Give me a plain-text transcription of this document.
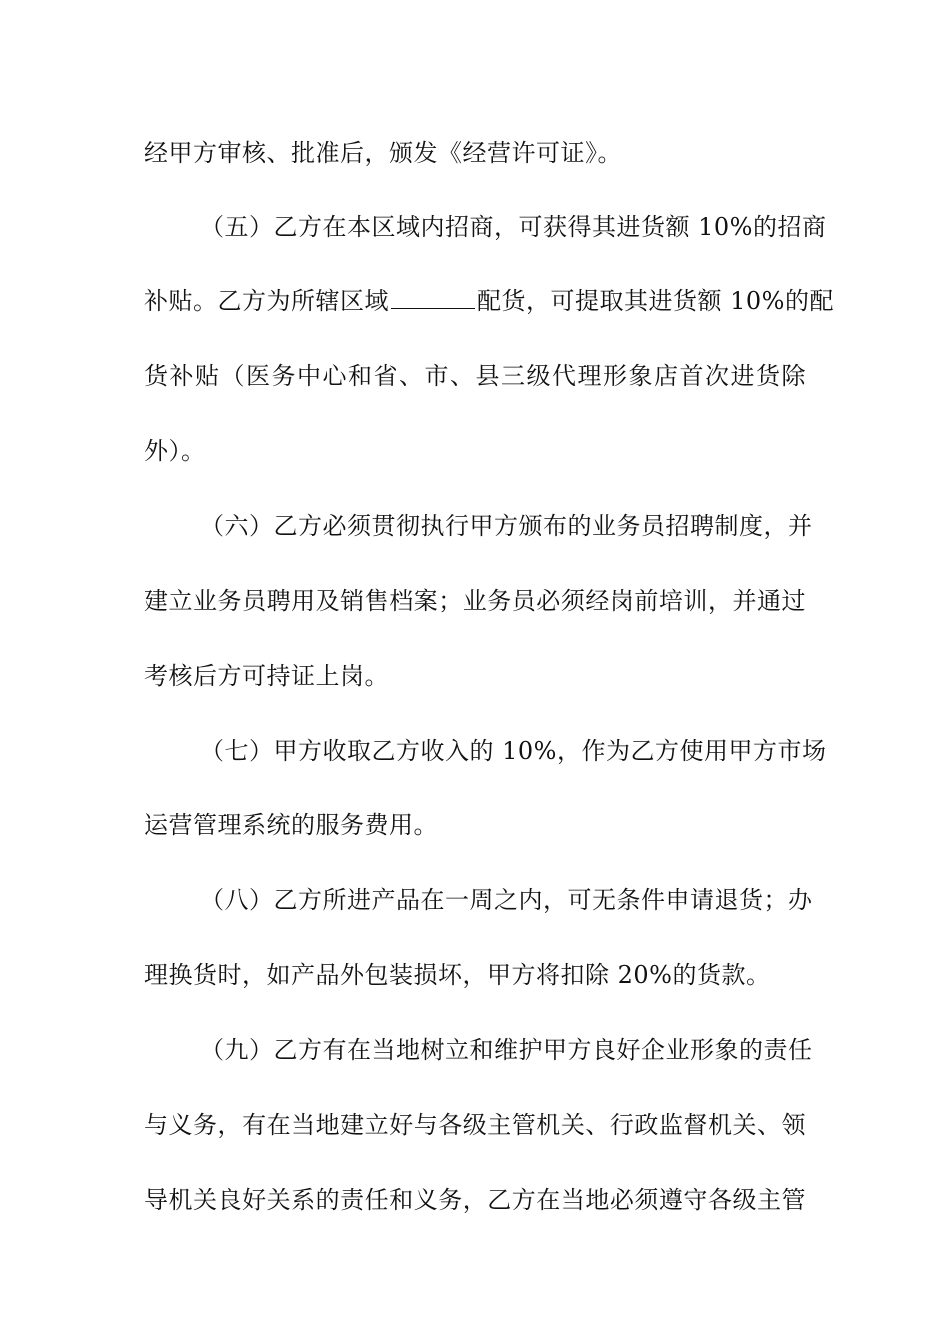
经甲方审核、批准后，颁发《经营许可证》。
（五）乙方在本区域内招商，可获得其进货额 10%的招商
补贴。乙方为所辖区域	配货，可提取其进货额 10%的配
货补贴（医务中心和省、市、县三级代理形象店首次进货除
外）。
（六）乙方必须贯彻执行甲方颁布的业务员招聘制度，并
建立业务员聘用及销售档案；业务员必须经岗前培训，并通过
考核后方可持证上岗。
（七）甲方收取乙方收入的 10%，作为乙方使用甲方市场
运营管理系统的服务费用。
（八）乙方所进产品在一周之内，可无条件申请退货；办
理换货时，如产品外包装损坏，甲方将扣除 20%的货款。
（九）乙方有在当地树立和维护甲方良好企业形象的责任
与义务，有在当地建立好与各级主管机关、行政监督机关、领
导机关良好关系的责任和义务，乙方在当地必须遵守各级主管
